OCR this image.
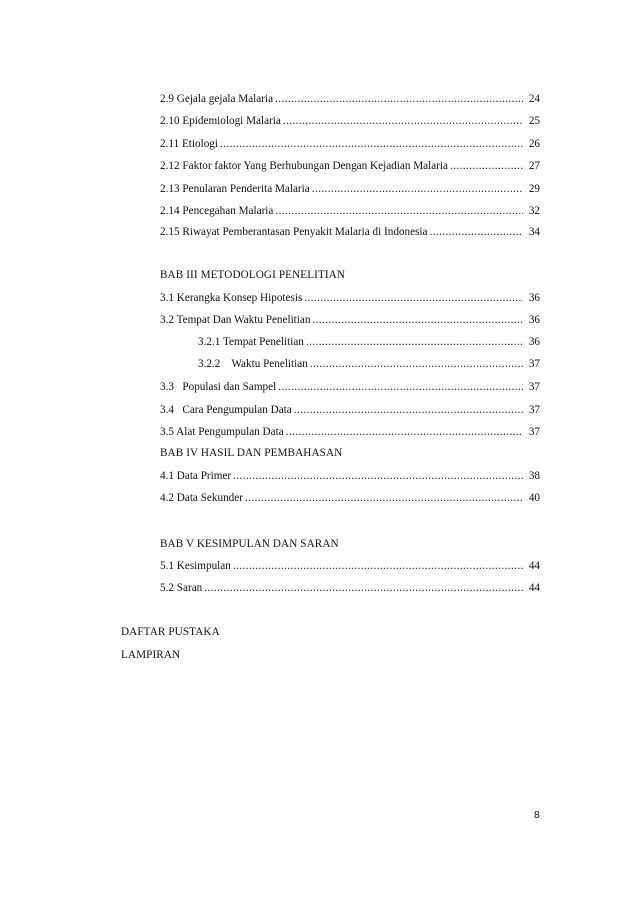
2.9 Gejala gejala Malaria .....	24
2.10 Epidemiologi Malaria .....	25
2.11 Etiologi .....	26
2.12 Faktor faktor Yang Berhubungan Dengan Kejadian Malaria .....	27
2.13 Penularan Penderita Malaria .....	29
2.14 Pencegahan Malaria .....	32
2.15 Riwayat Pemberantasan Penyakit Malaria di Indonesia .....	34
BAB III METODOLOGI PENELITIAN
3.1 Kerangka Konsep Hipotesis .....	36
3.2 Tempat Dan Waktu Penelitian .....	36
3.2.1 Tempat Penelitian .....	36
3.2.2    Waktu Penelitian .....	37
3.3   Populasi dan Sampel .....	37
3.4   Cara Pengumpulan Data .....	37
3.5 Alat Pengumpulan Data .....	37
BAB IV HASIL DAN PEMBAHASAN
4.1 Data Primer .....	38
4.2 Data Sekunder .....	40
BAB V KESIMPULAN DAN SARAN
5.1 Kesimpulan .....	44
5.2 Saran .....	44
DAFTAR PUSTAKA
LAMPIRAN
8
